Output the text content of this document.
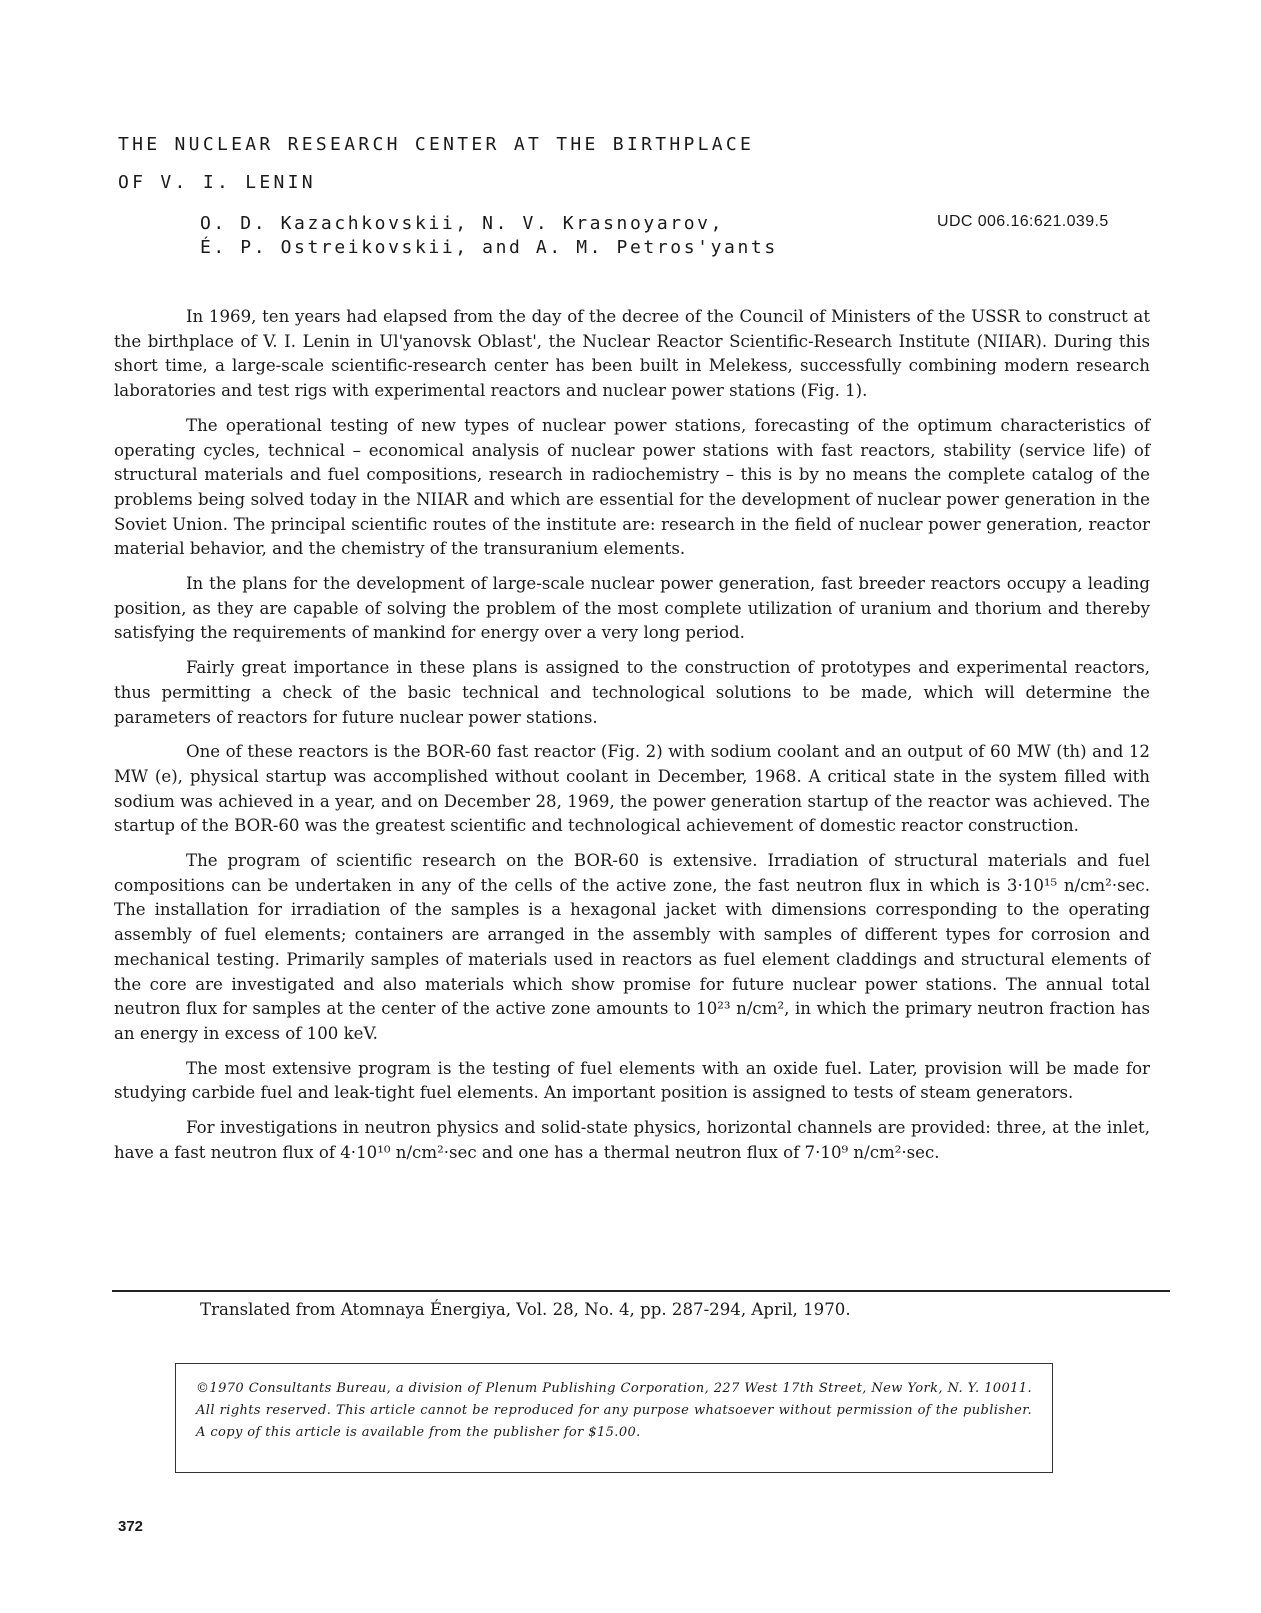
THE NUCLEAR RESEARCH CENTER AT THE BIRTHPLACE
OF V. I. LENIN
O. D. Kazachkovskii, N. V. Krasnoyarov,
É. P. Ostreikovskii, and A. M. Petros'yants
UDC 006.16:621.039.5

In 1969, ten years had elapsed from the day of the decree of the Council of Ministers of the USSR to construct at the birthplace of V. I. Lenin in Ul'yanovsk Oblast', the Nuclear Reactor Scientific-Research Institute (NIIAR). During this short time, a large-scale scientific-research center has been built in Melekess, successfully combining modern research laboratories and test rigs with experimental reactors and nuclear power stations (Fig. 1).

The operational testing of new types of nuclear power stations, forecasting of the optimum characteristics of operating cycles, technical – economical analysis of nuclear power stations with fast reactors, stability (service life) of structural materials and fuel compositions, research in radiochemistry – this is by no means the complete catalog of the problems being solved today in the NIIAR and which are essential for the development of nuclear power generation in the Soviet Union. The principal scientific routes of the institute are: research in the field of nuclear power generation, reactor material behavior, and the chemistry of the transuranium elements.

In the plans for the development of large-scale nuclear power generation, fast breeder reactors occupy a leading position, as they are capable of solving the problem of the most complete utilization of uranium and thorium and thereby satisfying the requirements of mankind for energy over a very long period.

Fairly great importance in these plans is assigned to the construction of prototypes and experimental reactors, thus permitting a check of the basic technical and technological solutions to be made, which will determine the parameters of reactors for future nuclear power stations.

One of these reactors is the BOR-60 fast reactor (Fig. 2) with sodium coolant and an output of 60 MW (th) and 12 MW (e), physical startup was accomplished without coolant in December, 1968. A critical state in the system filled with sodium was achieved in a year, and on December 28, 1969, the power generation startup of the reactor was achieved. The startup of the BOR-60 was the greatest scientific and technological achievement of domestic reactor construction.

The program of scientific research on the BOR-60 is extensive. Irradiation of structural materials and fuel compositions can be undertaken in any of the cells of the active zone, the fast neutron flux in which is 3·10¹⁵ n/cm²·sec. The installation for irradiation of the samples is a hexagonal jacket with dimensions corresponding to the operating assembly of fuel elements; containers are arranged in the assembly with samples of different types for corrosion and mechanical testing. Primarily samples of materials used in reactors as fuel element claddings and structural elements of the core are investigated and also materials which show promise for future nuclear power stations. The annual total neutron flux for samples at the center of the active zone amounts to 10²³ n/cm², in which the primary neutron fraction has an energy in excess of 100 keV.

The most extensive program is the testing of fuel elements with an oxide fuel. Later, provision will be made for studying carbide fuel and leak-tight fuel elements. An important position is assigned to tests of steam generators.

For investigations in neutron physics and solid-state physics, horizontal channels are provided: three, at the inlet, have a fast neutron flux of 4·10¹⁰ n/cm²·sec and one has a thermal neutron flux of 7·10⁹ n/cm²·sec.

Translated from Atomnaya Énergiya, Vol. 28, No. 4, pp. 287-294, April, 1970.
©1970 Consultants Bureau, a division of Plenum Publishing Corporation, 227 West 17th Street, New York, N. Y. 10011. All rights reserved. This article cannot be reproduced for any purpose whatsoever without permission of the publisher. A copy of this article is available from the publisher for $15.00.
372
